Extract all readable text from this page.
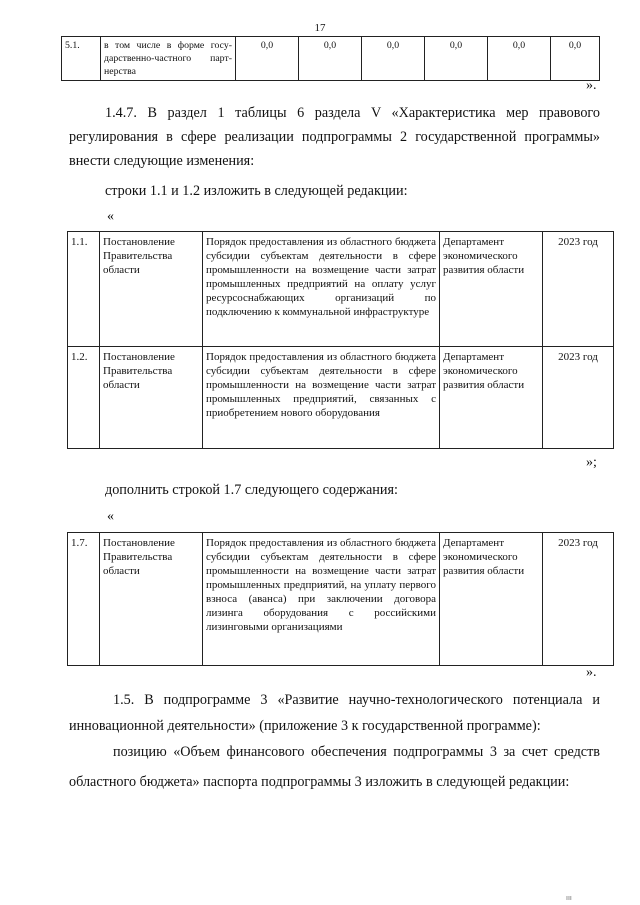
17
5.1.	в том числе в форме госу-дарственно-частного парт-нерства	0,0	0,0	0,0	0,0	0,0	0,0
».
1.4.7. В раздел 1 таблицы 6 раздела V «Характеристика мер правового регулирования в сфере реализации подпрограммы 2 государственной программы» внести следующие изменения:
строки 1.1 и 1.2 изложить в следующей редакции:
«
1.1.	Постановление Правительства области	Порядок предоставления из областного бюджета субсидии субъектам деятельности в сфере промышленности на возмещение части затрат промышленных предприятий на оплату услуг ресурсоснабжающих организаций по подключению к коммунальной инфраструктуре	Департамент экономического развития области	2023 год
1.2.	Постановление Правительства области	Порядок предоставления из областного бюджета субсидии субъектам деятельности в сфере промышленности на возмещение части затрат промышленных предприятий, связанных с приобретением нового оборудования	Департамент экономического развития области	2023 год
»;
дополнить строкой 1.7 следующего содержания:
«
1.7.	Постановление Правительства области	Порядок предоставления из областного бюджета субсидии субъектам деятельности в сфере промышленности на возмещение части затрат промышленных предприятий, на уплату первого взноса (аванса) при заключении договора лизинга оборудования с российскими лизинговыми организациями	Департамент экономического развития области	2023 год
».
1.5. В подпрограмме 3 «Развитие научно-технологического потенциала и инновационной деятельности» (приложение 3 к государственной программе):
позицию «Объем финансового обеспечения подпрограммы 3 за счет средств областного бюджета» паспорта подпрограммы 3 изложить в следующей редакции:
ııı
